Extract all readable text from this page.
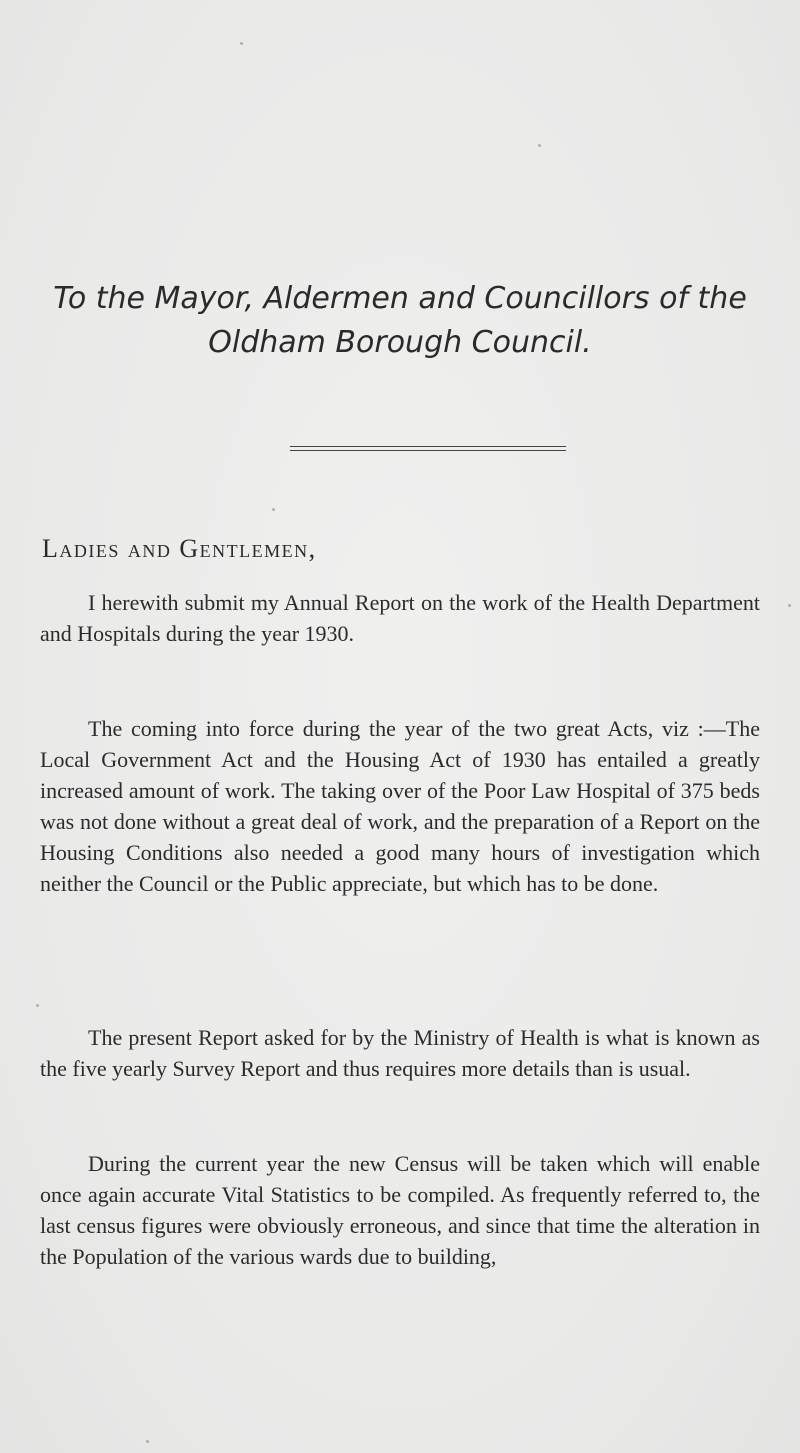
To the Mayor, Aldermen and Councillors of the
Oldham Borough Council.
Ladies and Gentlemen,

I herewith submit my Annual Report on the work of the Health Department and Hospitals during the year 1930.

The coming into force during the year of the two great Acts, viz :—The Local Government Act and the Housing Act of 1930 has entailed a greatly increased amount of work. The taking over of the Poor Law Hospital of 375 beds was not done without a great deal of work, and the preparation of a Report on the Housing Conditions also needed a good many hours of investigation which neither the Council or the Public appreciate, but which has to be done.

The present Report asked for by the Ministry of Health is what is known as the five yearly Survey Report and thus requires more details than is usual.

During the current year the new Census will be taken which will enable once again accurate Vital Statistics to be compiled. As frequently referred to, the last census figures were obviously erroneous, and since that time the alteration in the Population of the various wards due to building,
